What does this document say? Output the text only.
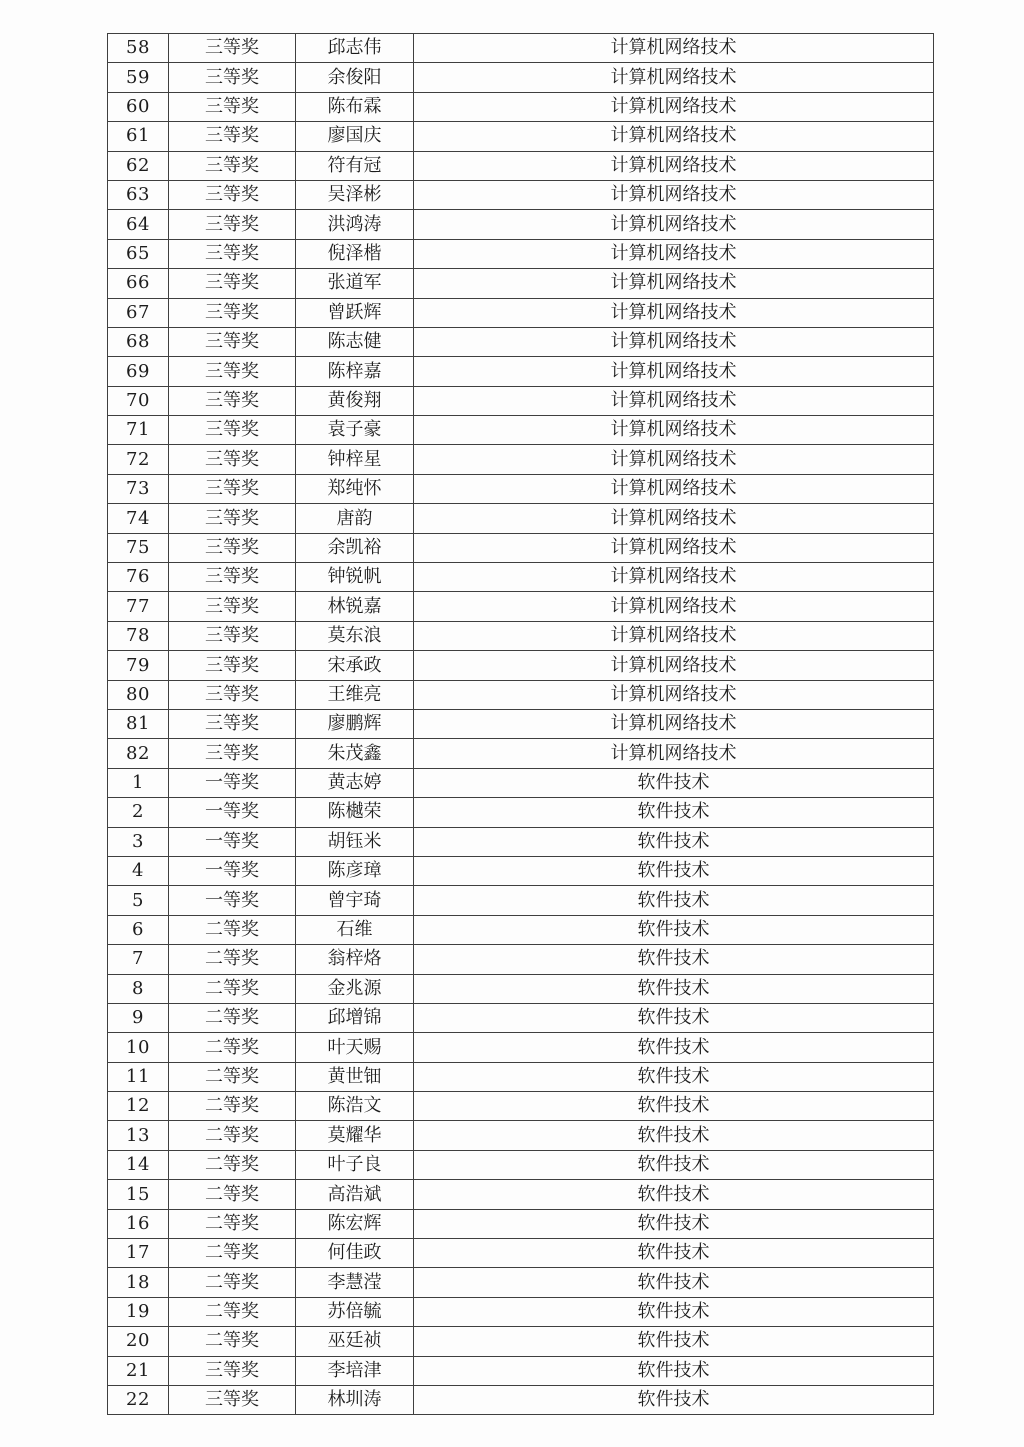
58	三等奖	邱志伟	计算机网络技术
59	三等奖	余俊阳	计算机网络技术
60	三等奖	陈布霖	计算机网络技术
61	三等奖	廖国庆	计算机网络技术
62	三等奖	符有冠	计算机网络技术
63	三等奖	吴泽彬	计算机网络技术
64	三等奖	洪鸿涛	计算机网络技术
65	三等奖	倪泽楷	计算机网络技术
66	三等奖	张道军	计算机网络技术
67	三等奖	曾跃辉	计算机网络技术
68	三等奖	陈志健	计算机网络技术
69	三等奖	陈梓嘉	计算机网络技术
70	三等奖	黄俊翔	计算机网络技术
71	三等奖	袁子豪	计算机网络技术
72	三等奖	钟梓星	计算机网络技术
73	三等奖	郑纯怀	计算机网络技术
74	三等奖	唐韵	计算机网络技术
75	三等奖	余凯裕	计算机网络技术
76	三等奖	钟锐帆	计算机网络技术
77	三等奖	林锐嘉	计算机网络技术
78	三等奖	莫东浪	计算机网络技术
79	三等奖	宋承政	计算机网络技术
80	三等奖	王维亮	计算机网络技术
81	三等奖	廖鹏辉	计算机网络技术
82	三等奖	朱茂鑫	计算机网络技术
1	一等奖	黄志婷	软件技术
2	一等奖	陈樾荣	软件技术
3	一等奖	胡钰米	软件技术
4	一等奖	陈彦璋	软件技术
5	一等奖	曾宇琦	软件技术
6	二等奖	石维	软件技术
7	二等奖	翁梓烙	软件技术
8	二等奖	金兆源	软件技术
9	二等奖	邱增锦	软件技术
10	二等奖	叶天赐	软件技术
11	二等奖	黄世钿	软件技术
12	二等奖	陈浩文	软件技术
13	二等奖	莫耀华	软件技术
14	二等奖	叶子良	软件技术
15	二等奖	高浩斌	软件技术
16	二等奖	陈宏辉	软件技术
17	二等奖	何佳政	软件技术
18	二等奖	李慧滢	软件技术
19	二等奖	苏倍毓	软件技术
20	二等奖	巫廷祯	软件技术
21	三等奖	李培津	软件技术
22	三等奖	林圳涛	软件技术
